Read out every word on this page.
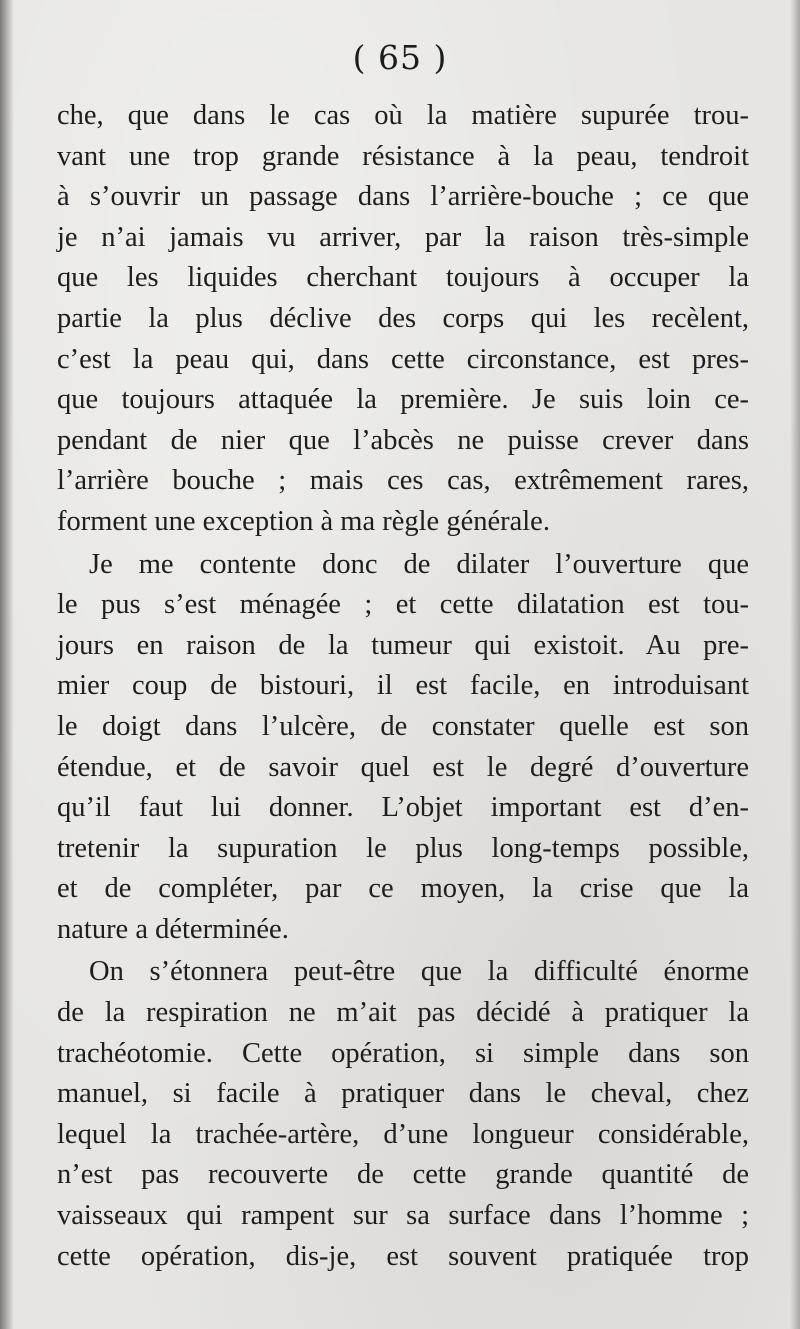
( 65 )
che, que dans le cas où la matière supurée trou-
vant une trop grande résistance à la peau, tendroit
à s’ouvrir un passage dans l’arrière-bouche ; ce que
je n’ai jamais vu arriver, par la raison très-simple
que les liquides cherchant toujours à occuper la
partie la plus déclive des corps qui les recèlent,
c’est la peau qui, dans cette circonstance, est pres-
que toujours attaquée la première. Je suis loin ce-
pendant de nier que l’abcès ne puisse crever dans
l’arrière bouche ; mais ces cas, extrêmement rares,
forment une exception à ma règle générale.
Je me contente donc de dilater l’ouverture que
le pus s’est ménagée ; et cette dilatation est tou-
jours en raison de la tumeur qui existoit. Au pre-
mier coup de bistouri, il est facile, en introduisant
le doigt dans l’ulcère, de constater quelle est son
étendue, et de savoir quel est le degré d’ouverture
qu’il faut lui donner. L’objet important est d’en-
tretenir la supuration le plus long-temps possible,
et de compléter, par ce moyen, la crise que la
nature a déterminée.
On s’étonnera peut-être que la difficulté énorme
de la respiration ne m’ait pas décidé à pratiquer la
trachéotomie. Cette opération, si simple dans son
manuel, si facile à pratiquer dans le cheval, chez
lequel la trachée-artère, d’une longueur considérable,
n’est pas recouverte de cette grande quantité de
vaisseaux qui rampent sur sa surface dans l’homme ;
cette opération, dis-je, est souvent pratiquée trop
